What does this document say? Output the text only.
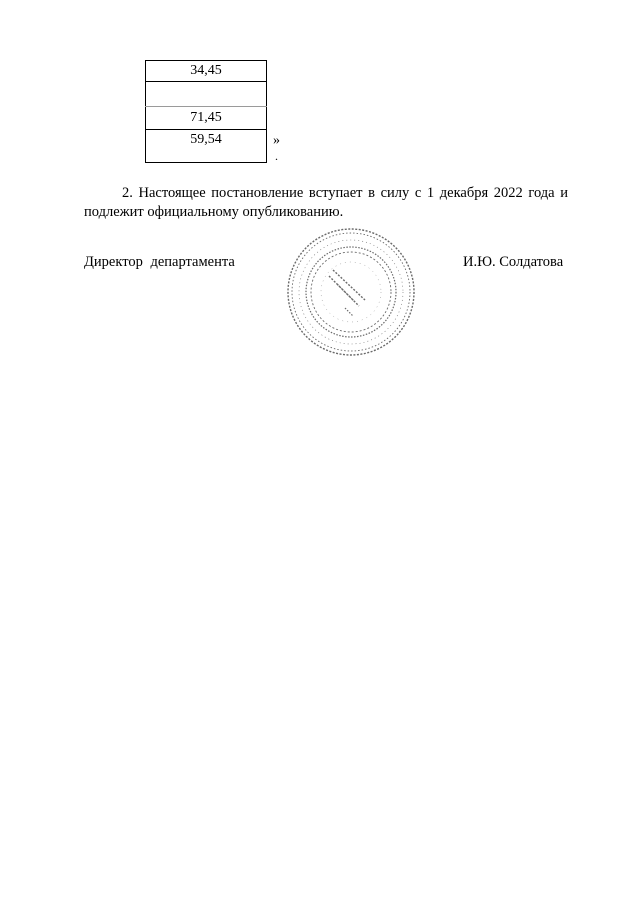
34,45

71,45
59,54	»
.

2. Настоящее постановление вступает в силу с 1 декабря 2022 года и подлежит официальному опубликованию.

Директор департамента	И.Ю. Солдатова
